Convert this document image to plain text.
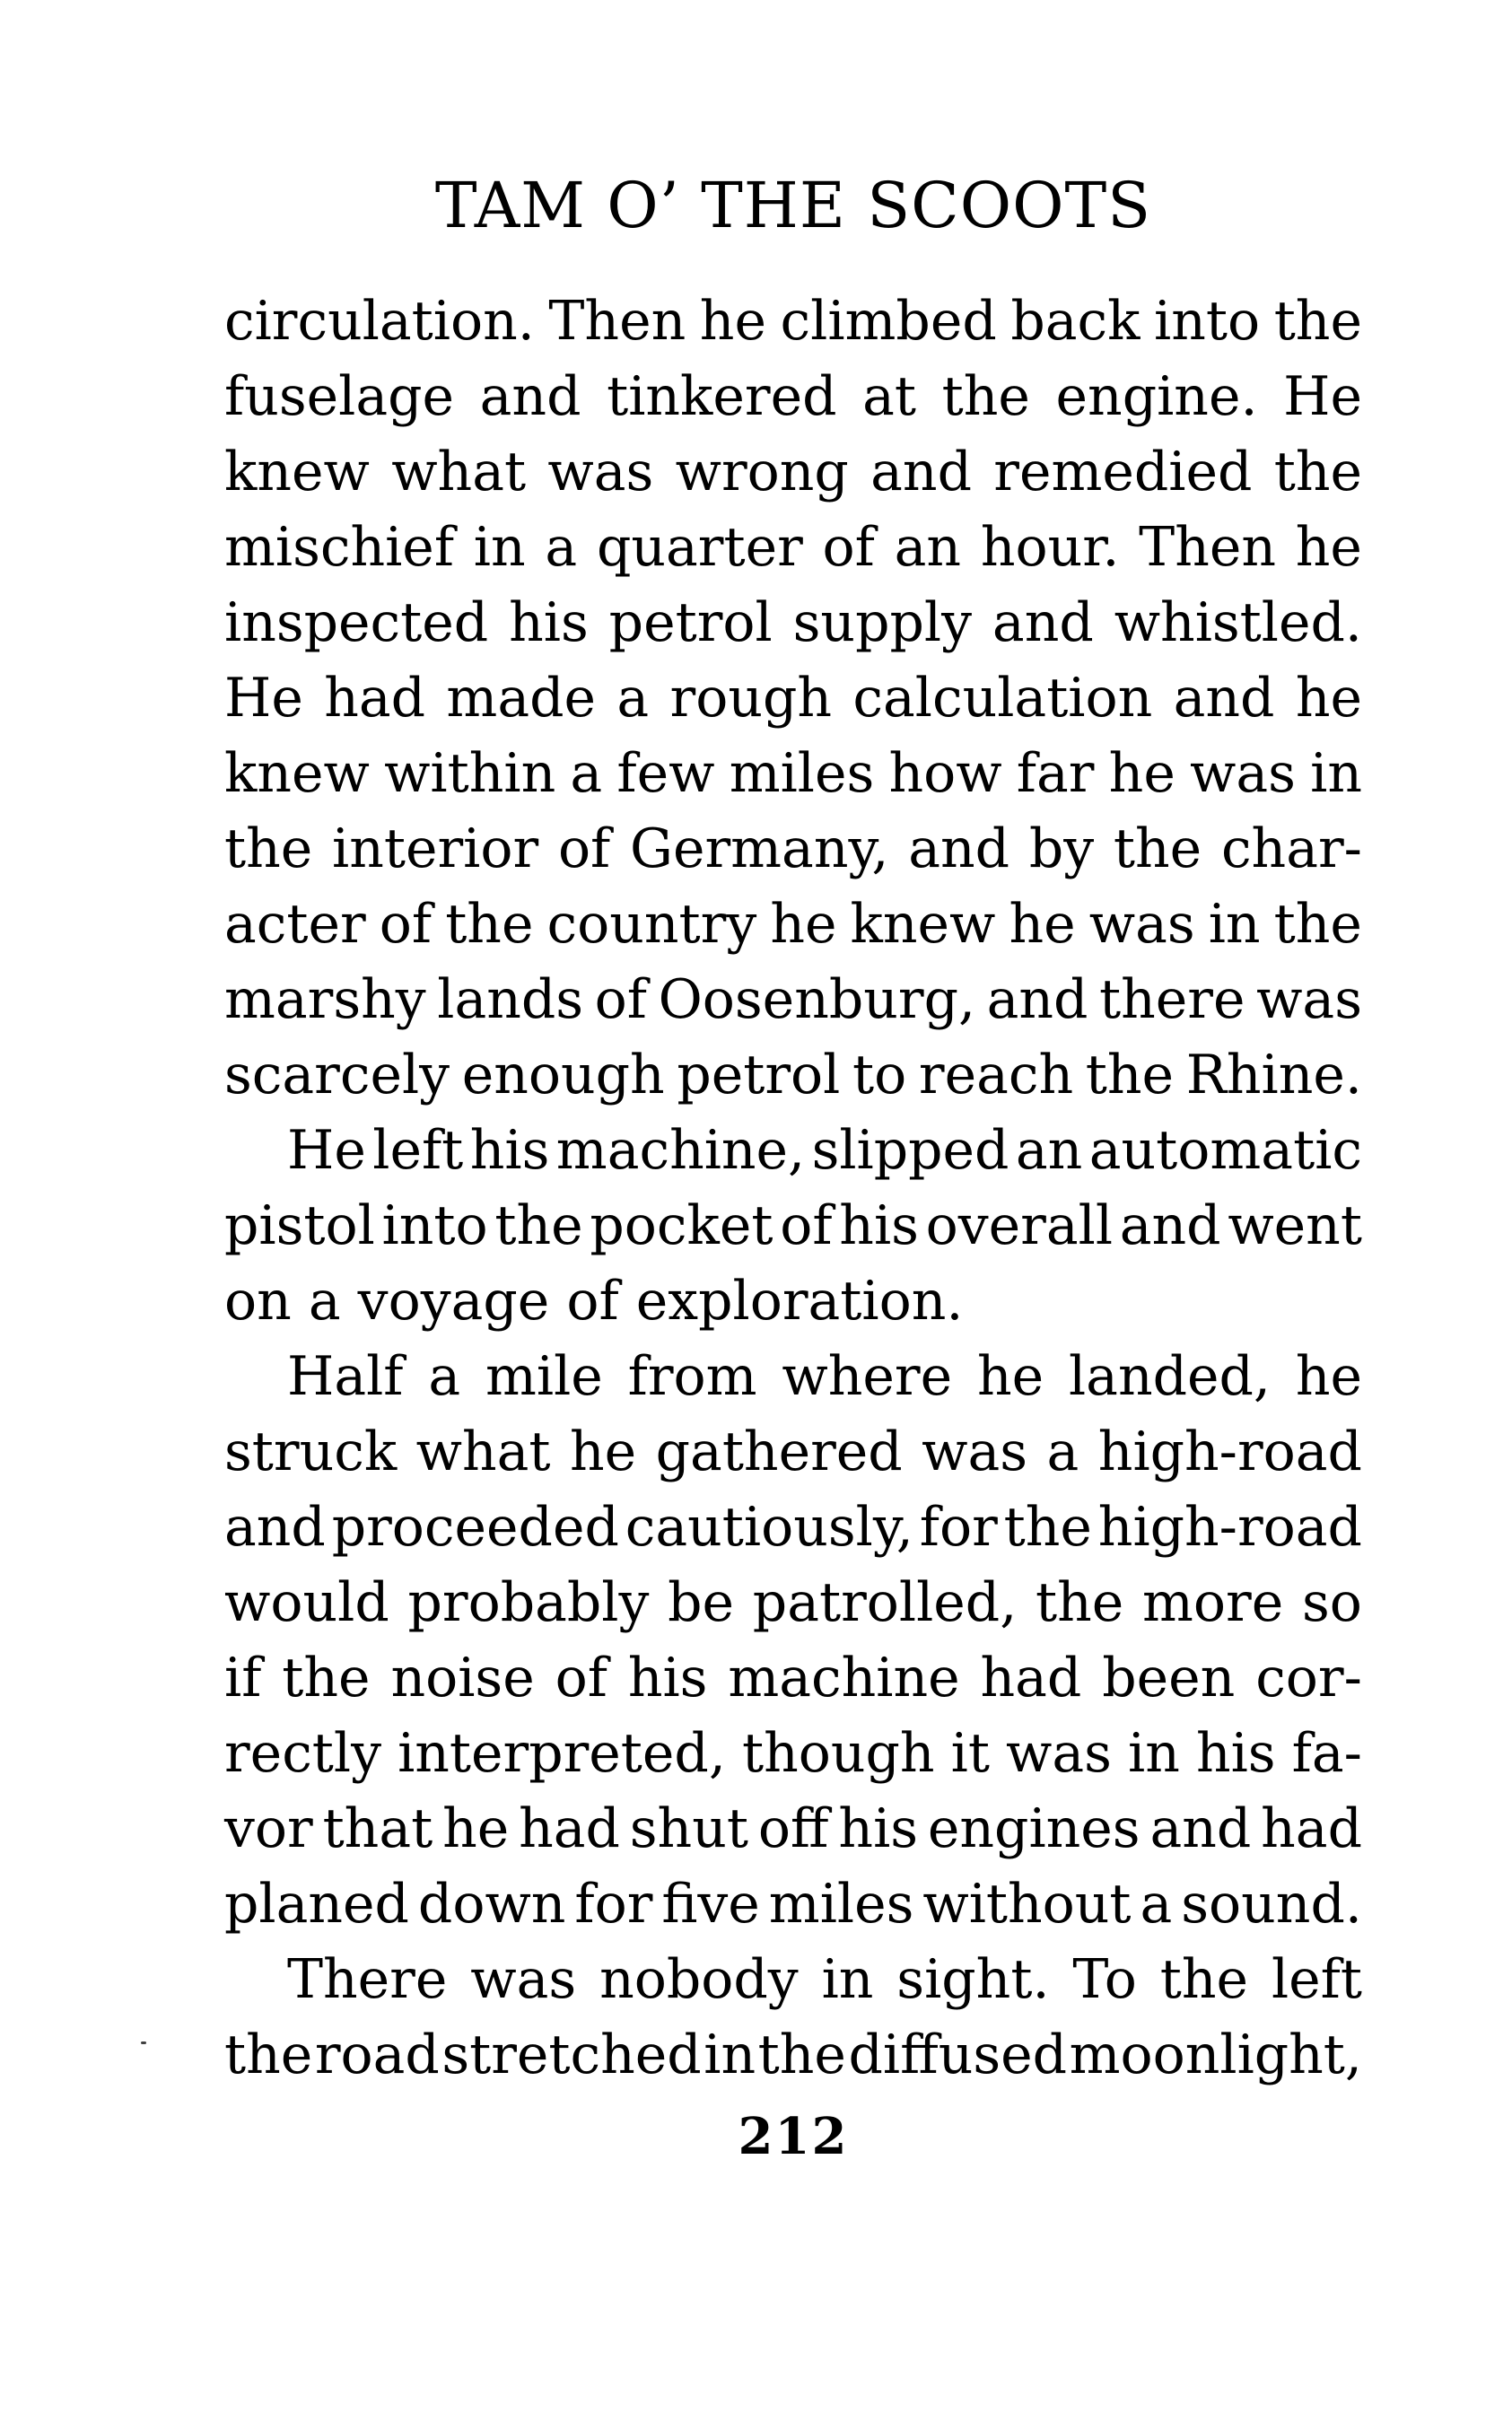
TAM O’ THE SCOOTS
circulation. Then he climbed back into the
fuselage and tinkered at the engine. He
knew what was wrong and remedied the
mischief in a quarter of an hour. Then he
inspected his petrol supply and whistled.
He had made a rough calculation and he
knew within a few miles how far he was in
the interior of Germany, and by the char-
acter of the country he knew he was in the
marshy lands of Oosenburg, and there was
scarcely enough petrol to reach the Rhine.
He left his machine, slipped an automatic
pistol into the pocket of his overall and went
on a voyage of exploration.
Half a mile from where he landed, he
struck what he gathered was a high-road
and proceeded cautiously, for the high-road
would probably be patrolled, the more so
if the noise of his machine had been cor-
rectly interpreted, though it was in his fa-
vor that he had shut off his engines and had
planed down for five miles without a sound.
There was nobody in sight. To the left
the road stretched in the diffused moonlight,
212
